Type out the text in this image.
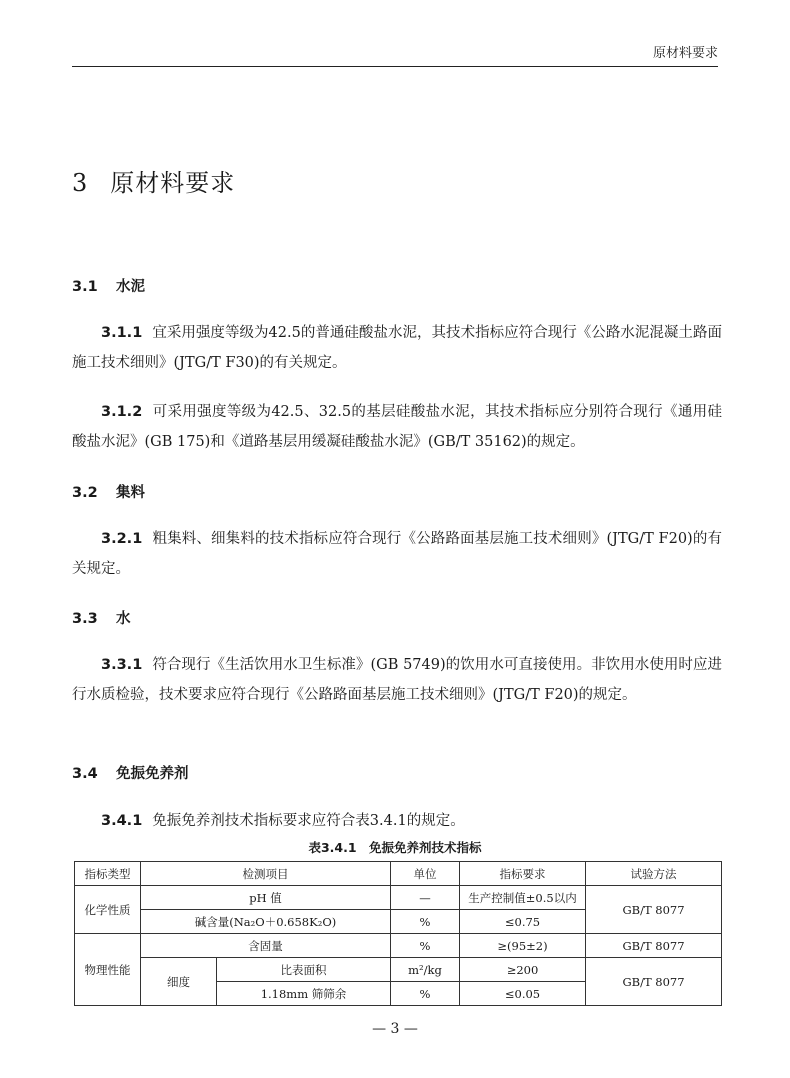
原材料要求
3 原材料要求
3.1 水泥
3.1.1 宜采用强度等级为42.5的普通硅酸盐水泥，其技术指标应符合现行《公路水泥混凝土路面施工技术细则》(JTG/T F30)的有关规定。
3.1.2 可采用强度等级为42.5、32.5的基层硅酸盐水泥，其技术指标应分别符合现行《通用硅酸盐水泥》(GB 175)和《道路基层用缓凝硅酸盐水泥》(GB/T 35162)的规定。
3.2 集料
3.2.1 粗集料、细集料的技术指标应符合现行《公路路面基层施工技术细则》(JTG/T F20)的有关规定。
3.3 水
3.3.1 符合现行《生活饮用水卫生标准》(GB 5749)的饮用水可直接使用。非饮用水使用时应进行水质检验，技术要求应符合现行《公路路面基层施工技术细则》(JTG/T F20)的规定。
3.4 免振免养剂
3.4.1 免振免养剂技术指标要求应符合表3.4.1的规定。
表3.4.1　免振免养剂技术指标
指标类型	检测项目		单位	指标要求	试验方法
化学性质	pH 值		—	生产控制值±0.5以内	GB/T 8077
	碱含量(Na₂O＋0.658K₂O)		%	≤0.75	
物理性能	含固量		%	≥(95±2)	GB/T 8077
	细度	比表面积	m²/kg	≥200	GB/T 8077
		1.18mm 筛筛余	%	≤0.05	
— 3 —
